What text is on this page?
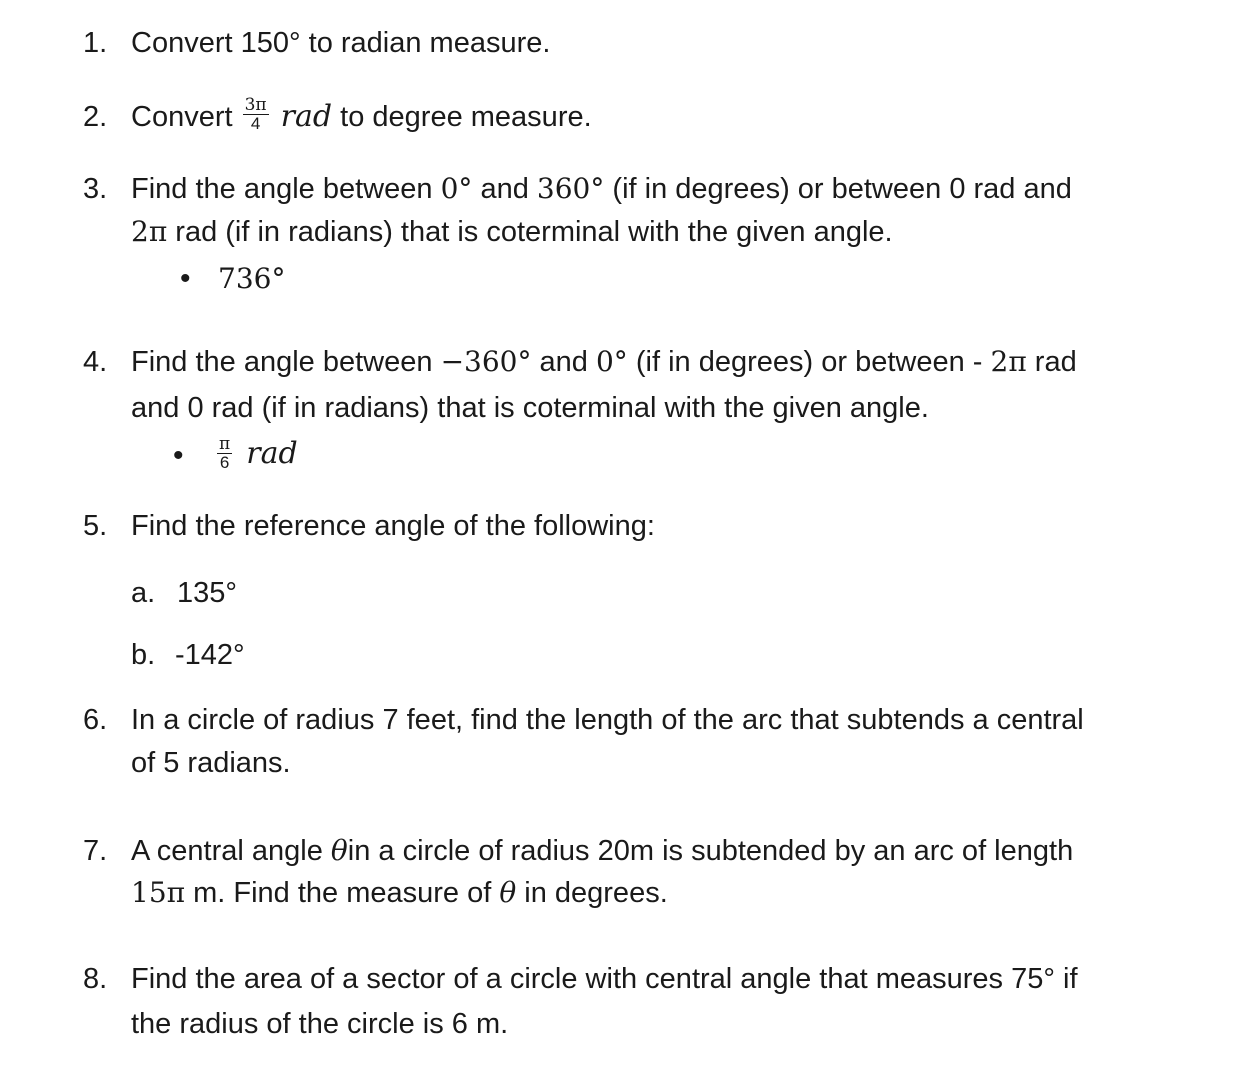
1. Convert 150° to radian measure.
2. Convert $\frac{3\pi}{4}$ rad to degree measure.
3. Find the angle between 0° and 360° (if in degrees) or between 0 rad and
2π rad (if in radians) that is coterminal with the given angle.
• 736°
4. Find the angle between −360° and 0° (if in degrees) or between - 2π rad
and 0 rad (if in radians) that is coterminal with the given angle.
• $\frac{\pi}{6}$ rad
5. Find the reference angle of the following:
a. 135°
b. -142°
6. In a circle of radius 7 feet, find the length of the arc that subtends a central
of 5 radians.
7. A central angle θin a circle of radius 20m is subtended by an arc of length
15π m. Find the measure of θ in degrees.
8. Find the area of a sector of a circle with central angle that measures 75° if
the radius of the circle is 6 m.
